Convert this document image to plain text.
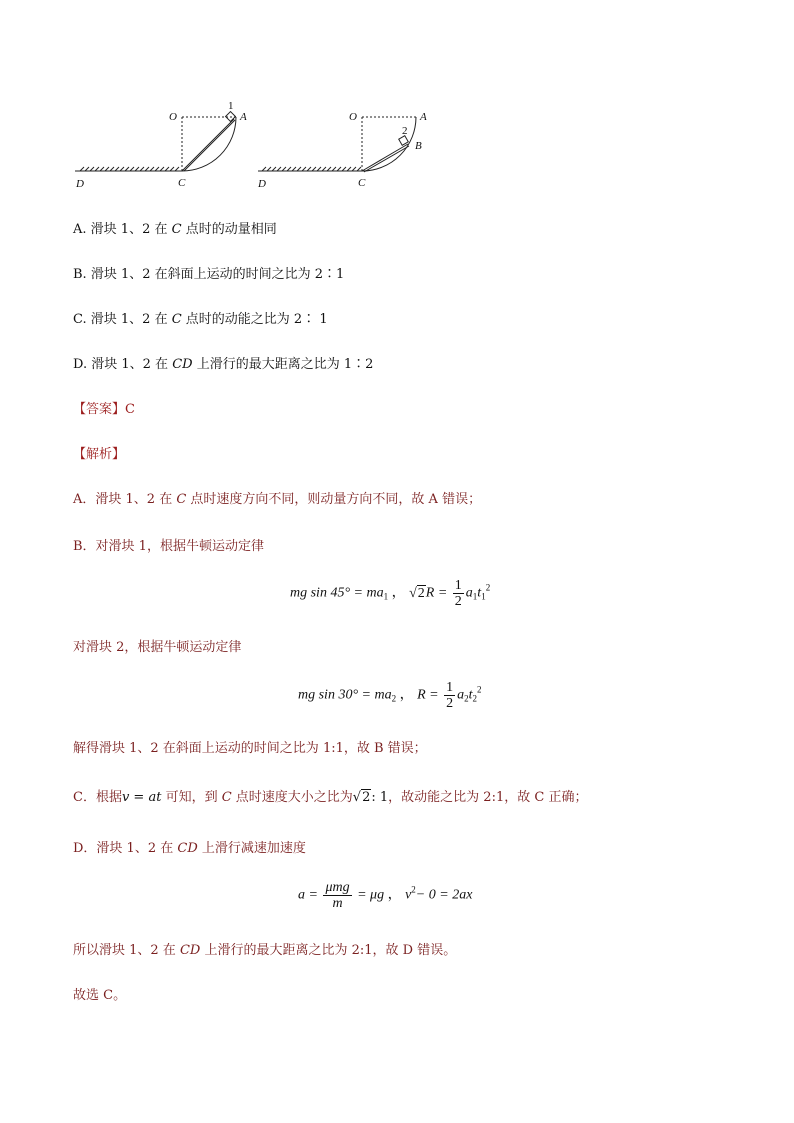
O	A
C
D
1
O	A
B
C
D
2
A. 滑块 1、2 在 C 点时的动量相同
B. 滑块 1、2 在斜面上运动的时间之比为 2∶1
C. 滑块 1、2 在 C 点时的动能之比为 2∶ 1
D. 滑块 1、2 在 CD 上滑行的最大距离之比为 1∶2
【答案】C
【解析】
A．滑块 1、2 在 C 点时速度方向不同，则动量方向不同，故 A 错误；
B．对滑块 1，根据牛顿运动定律
mg $\sin 45^\circ = ma_1$ ， $√2R = \frac{1}{2} a_1t_1^2$
对滑块 2，根据牛顿运动定律
mg $\sin 30^\circ = ma_2$ ， $R = \frac{1}{2} a_2t_2^2$
解得滑块 1、2 在斜面上运动的时间之比为 1:1，故 B 错误；
C．根据v = at 可知，到 C 点时速度大小之比为√2: 1，故动能之比为 2:1，故 C 正确；
D．滑块 1、2 在 CD 上滑行减速加速度
$a = \frac{\text{μmg}}{m} = \mu g$ ， $v^2- 0 = 2ax$
所以滑块 1、2 在 CD 上滑行的最大距离之比为 2:1，故 D 错误。
故选 C。
